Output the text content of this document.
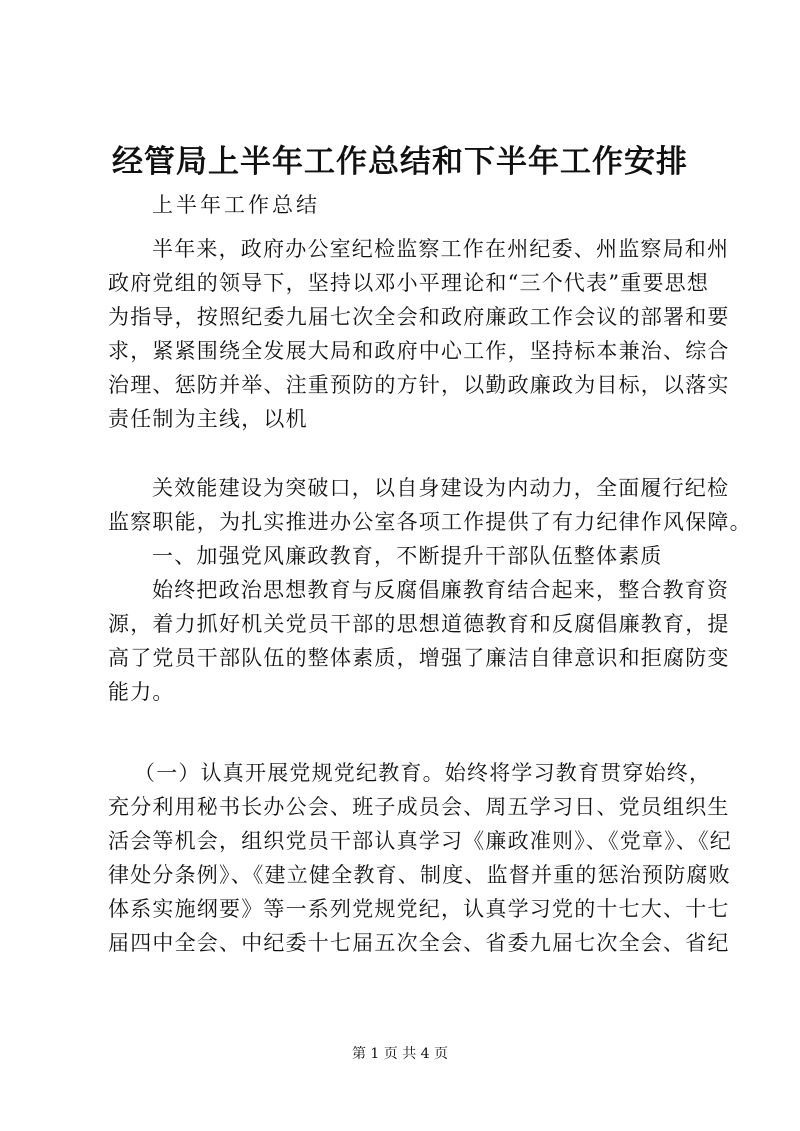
经管局上半年工作总结和下半年工作安排
上半年工作总结
半年来，政府办公室纪检监察工作在州纪委、州监察局和州
政府党组的领导下，坚持以邓小平理论和“三个代表”重要思想
为指导，按照纪委九届七次全会和政府廉政工作会议的部署和要
求，紧紧围绕全发展大局和政府中心工作，坚持标本兼治、综合
治理、惩防并举、注重预防的方针，以勤政廉政为目标，以落实
责任制为主线，以机
关效能建设为突破口，以自身建设为内动力，全面履行纪检
监察职能，为扎实推进办公室各项工作提供了有力纪律作风保障。
一、加强党风廉政教育，不断提升干部队伍整体素质
始终把政治思想教育与反腐倡廉教育结合起来，整合教育资
源，着力抓好机关党员干部的思想道德教育和反腐倡廉教育，提
高了党员干部队伍的整体素质，增强了廉洁自律意识和拒腐防变
能力。
（一）认真开展党规党纪教育。始终将学习教育贯穿始终，
充分利用秘书长办公会、班子成员会、周五学习日、党员组织生
活会等机会，组织党员干部认真学习《廉政准则》、《党章》、《纪
律处分条例》、《建立健全教育、制度、监督并重的惩治预防腐败
体系实施纲要》等一系列党规党纪，认真学习党的十七大、十七
届四中全会、中纪委十七届五次全会、省委九届七次全会、省纪
第 1 页 共 4 页
